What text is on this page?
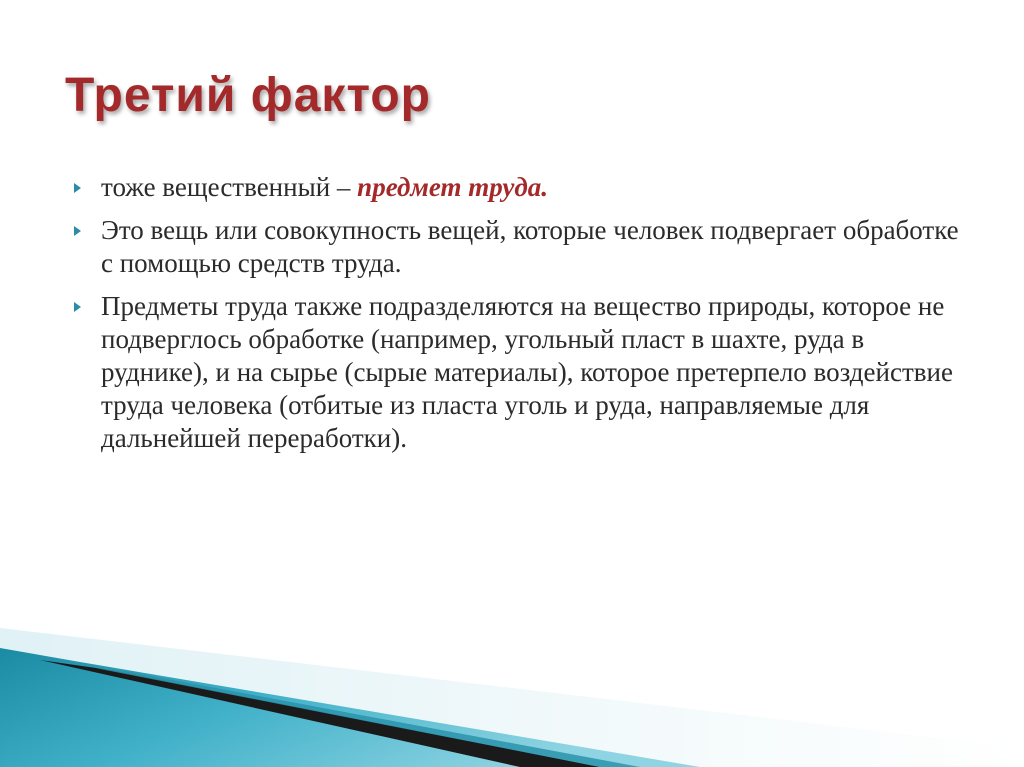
Третий фактор
тоже вещественный – предмет труда.
Это вещь или совокупность вещей, которые человек подвергает обработке с помощью средств труда.
Предметы труда также подразделяются на вещество природы, которое не подверглось обработке (например, угольный пласт в шахте, руда в руднике), и на сырье (сырые материалы), которое претерпело воздействие труда человека (отбитые из пласта уголь и руда, направляемые для дальнейшей переработки).
